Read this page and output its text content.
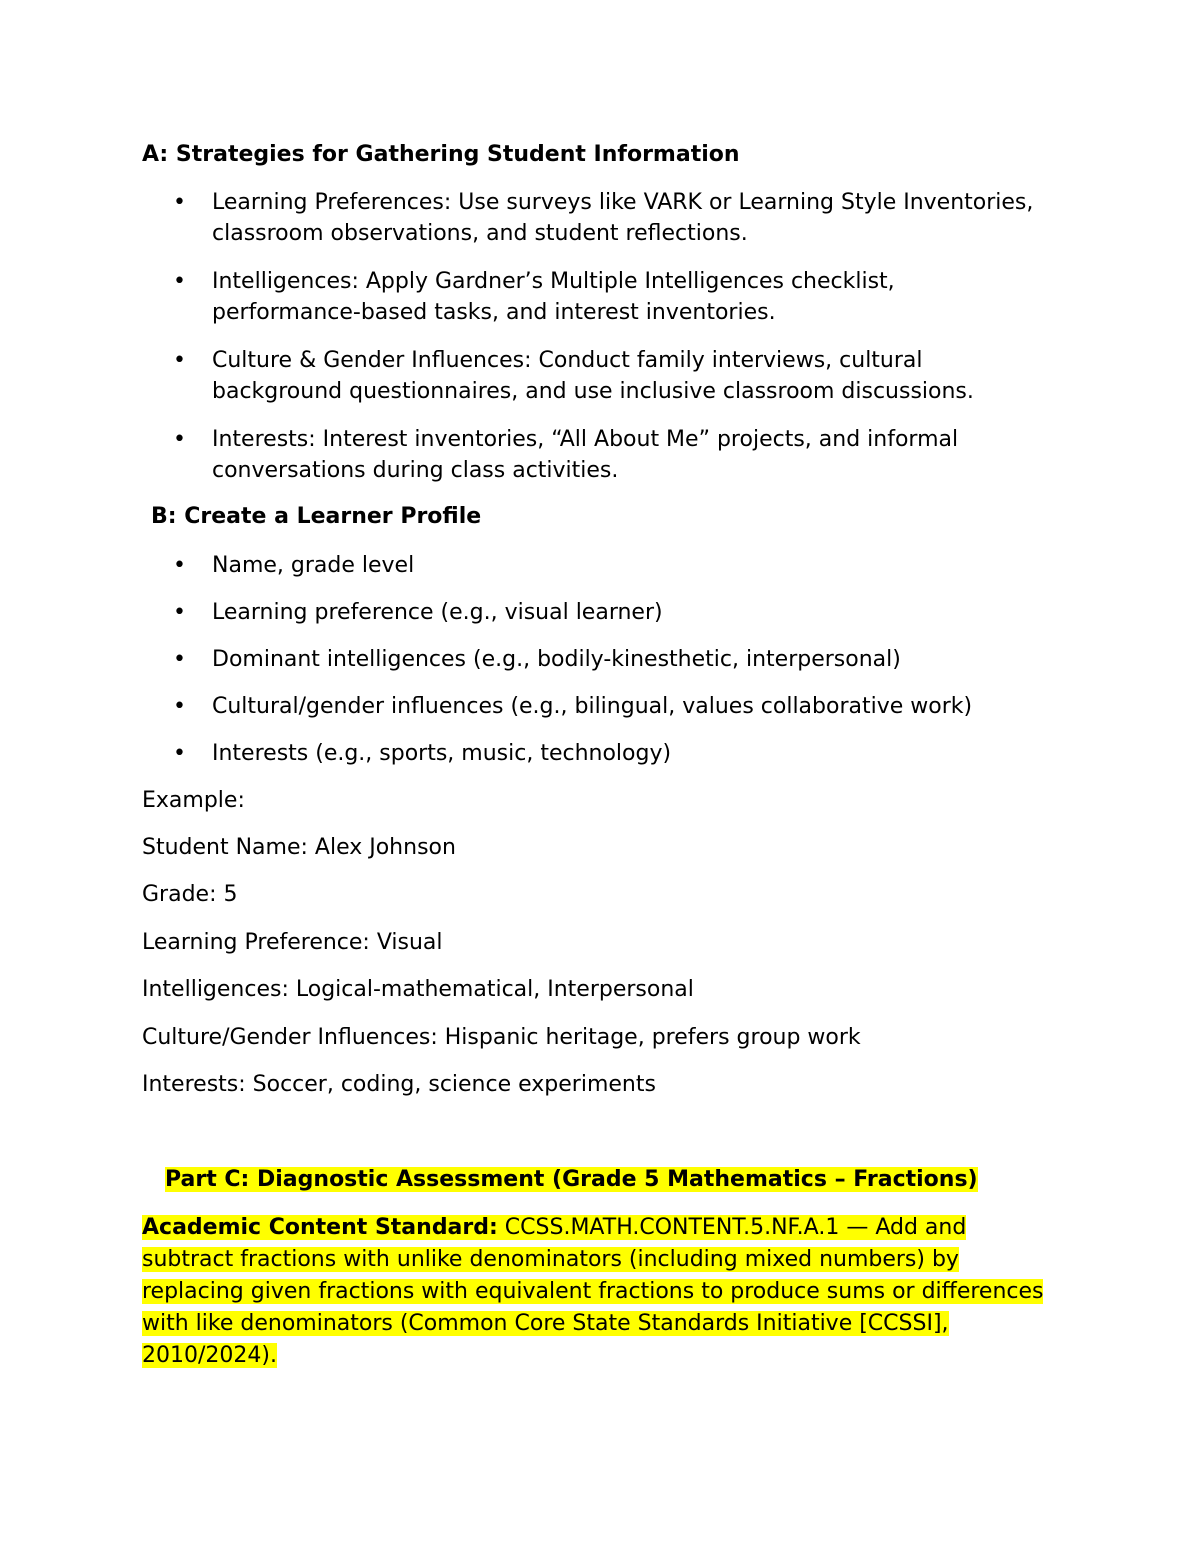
A: Strategies for Gathering Student Information
• Learning Preferences: Use surveys like VARK or Learning Style Inventories, classroom observations, and student reflections.
• Intelligences: Apply Gardner’s Multiple Intelligences checklist, performance-based tasks, and interest inventories.
• Culture & Gender Influences: Conduct family interviews, cultural background questionnaires, and use inclusive classroom discussions.
• Interests: Interest inventories, “All About Me” projects, and informal conversations during class activities.
B: Create a Learner Profile
• Name, grade level
• Learning preference (e.g., visual learner)
• Dominant intelligences (e.g., bodily-kinesthetic, interpersonal)
• Cultural/gender influences (e.g., bilingual, values collaborative work)
• Interests (e.g., sports, music, technology)
Example:
Student Name: Alex Johnson
Grade: 5
Learning Preference: Visual
Intelligences: Logical-mathematical, Interpersonal
Culture/Gender Influences: Hispanic heritage, prefers group work
Interests: Soccer, coding, science experiments
Part C: Diagnostic Assessment (Grade 5 Mathematics – Fractions)
Academic Content Standard: CCSS.MATH.CONTENT.5.NF.A.1 — Add and subtract fractions with unlike denominators (including mixed numbers) by replacing given fractions with equivalent fractions to produce sums or differences with like denominators (Common Core State Standards Initiative [CCSSI], 2010/2024).
